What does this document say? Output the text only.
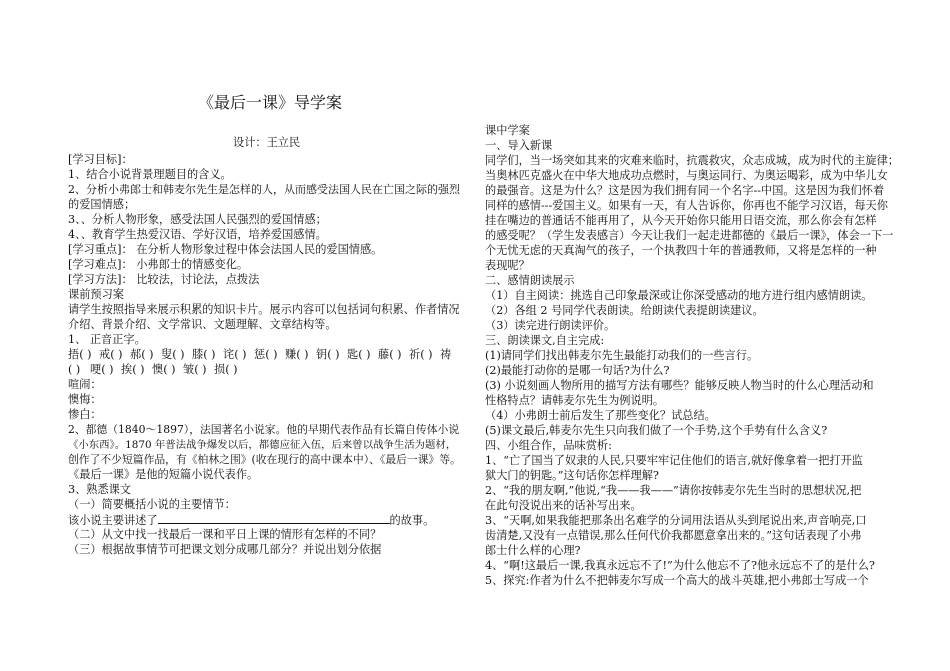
《最后一课》导学案
设计：王立民
[学习目标]：
1、结合小说背景理题目的含义。
2、分析小弗郎士和韩麦尔先生是怎样的人，从而感受法国人民在亡国之际的强烈
的爱国情感；
3、、分析人物形象，感受法国人民强烈的爱国情感；
4、、教育学生热爱汉语、学好汉语，培养爱国感情。
[学习重点]： 在分析人物形象过程中体会法国人民的爱国情感。
[学习难点]： 小弗郎士的情感变化。
[学习方法]： 比较法，讨论法，点拨法
课前预习案
请学生按照指导来展示积累的知识卡片。展示内容可以包括词句积累、作者情况
介绍、背景介绍、文学常识、文题理解、文章结构等。
1、 正音正字。
捂( ) 戒( ) 郝( ) 叟( ) 膝( ) 诧( ) 惩( ) 赚( ) 钥( ) 匙( ) 藤( ) 祈( ) 祷
( ) 哽( ) 挨( ) 懊( ) 皱( ) 损( )
喧闹：
懊悔：
惨白：
2、都德（1840～1897），法国著名小说家。他的早期代表作品有长篇自传体小说
《小东西》。1870 年普法战争爆发以后，都德应征入伍，后来曾以战争生活为题材，
创作了不少短篇作品，有《柏林之围》(收在现行的高中课本中）、《最后一课》等。
《最后一课》是他的短篇小说代表作。
3、熟悉课文
（一）简要概括小说的主要情节：
该小说主要讲述了	的故事。
（二）从文中找一找最后一课和平日上课的情形有怎样的不同？
（三）根据故事情节可把课文划分成哪几部分？并说出划分依据
课中学案
一、导入新课
同学们，当一场突如其来的灾难来临时，抗震救灾，众志成城，成为时代的主旋律；
当奥林匹克盛火在中华大地成功点燃时，与奥运同行、为奥运喝彩，成为中华儿女
的最强音。这是为什么？这是因为我们拥有同一个名字--中国。这是因为我们怀着
同样的感情---爱国主义。如果有一天，有人告诉你，你再也不能学习汉语，每天你
挂在嘴边的普通话不能再用了，从今天开始你只能用日语交流，那么你会有怎样
的感受呢？（学生发表感言）今天让我们一起走进都德的《最后一课》，体会一下一
个无忧无虑的天真淘气的孩子，一个执教四十年的普通教师，又将是怎样的一种
表现呢？
二、感情朗读展示
（1）自主阅读：挑选自己印象最深或让你深受感动的地方进行组内感情朗读。
（2）各组 2 号同学代表朗读。给朗读代表提朗读建议。
（3）读完进行朗读评价。
三、朗读课文,自主完成:
(1)请同学们找出韩麦尔先生最能打动我们的一些言行。
(2)最能打动你的是哪一句话?为什么?
(3) 小说刻画人物所用的描写方法有哪些？能够反映人物当时的什么心理活动和
性格特点？请韩麦尔先生为例说明。
（4）小弗朗士前后发生了那些变化？试总结。
(5)课文最后,韩麦尔先生只向我们做了一个手势,这个手势有什么含义?
四、小组合作，品味赏析:
1、“亡了国当了奴隶的人民,只要牢牢记住他们的语言,就好像拿着一把打开监
狱大门的钥匙。”这句话你怎样理解?
2、“我的朋友啊,”他说,“我——我——”请你按韩麦尔先生当时的思想状况,把
在此句没说出来的话补写出来。
3、“天啊,如果我能把那条出名难学的分词用法语从头到尾说出来,声音响亮,口
齿清楚,又没有一点错误,那么任何代价我都愿意拿出来的。”这句话表现了小弗
郎士什么样的心理?
4、“啊!这最后一课,我真永远忘不了!”为什么他忘不了?他永远忘不了的是什么?
5、探究:作者为什么不把韩麦尔写成一个高大的战斗英雄,把小弗郎士写成一个
